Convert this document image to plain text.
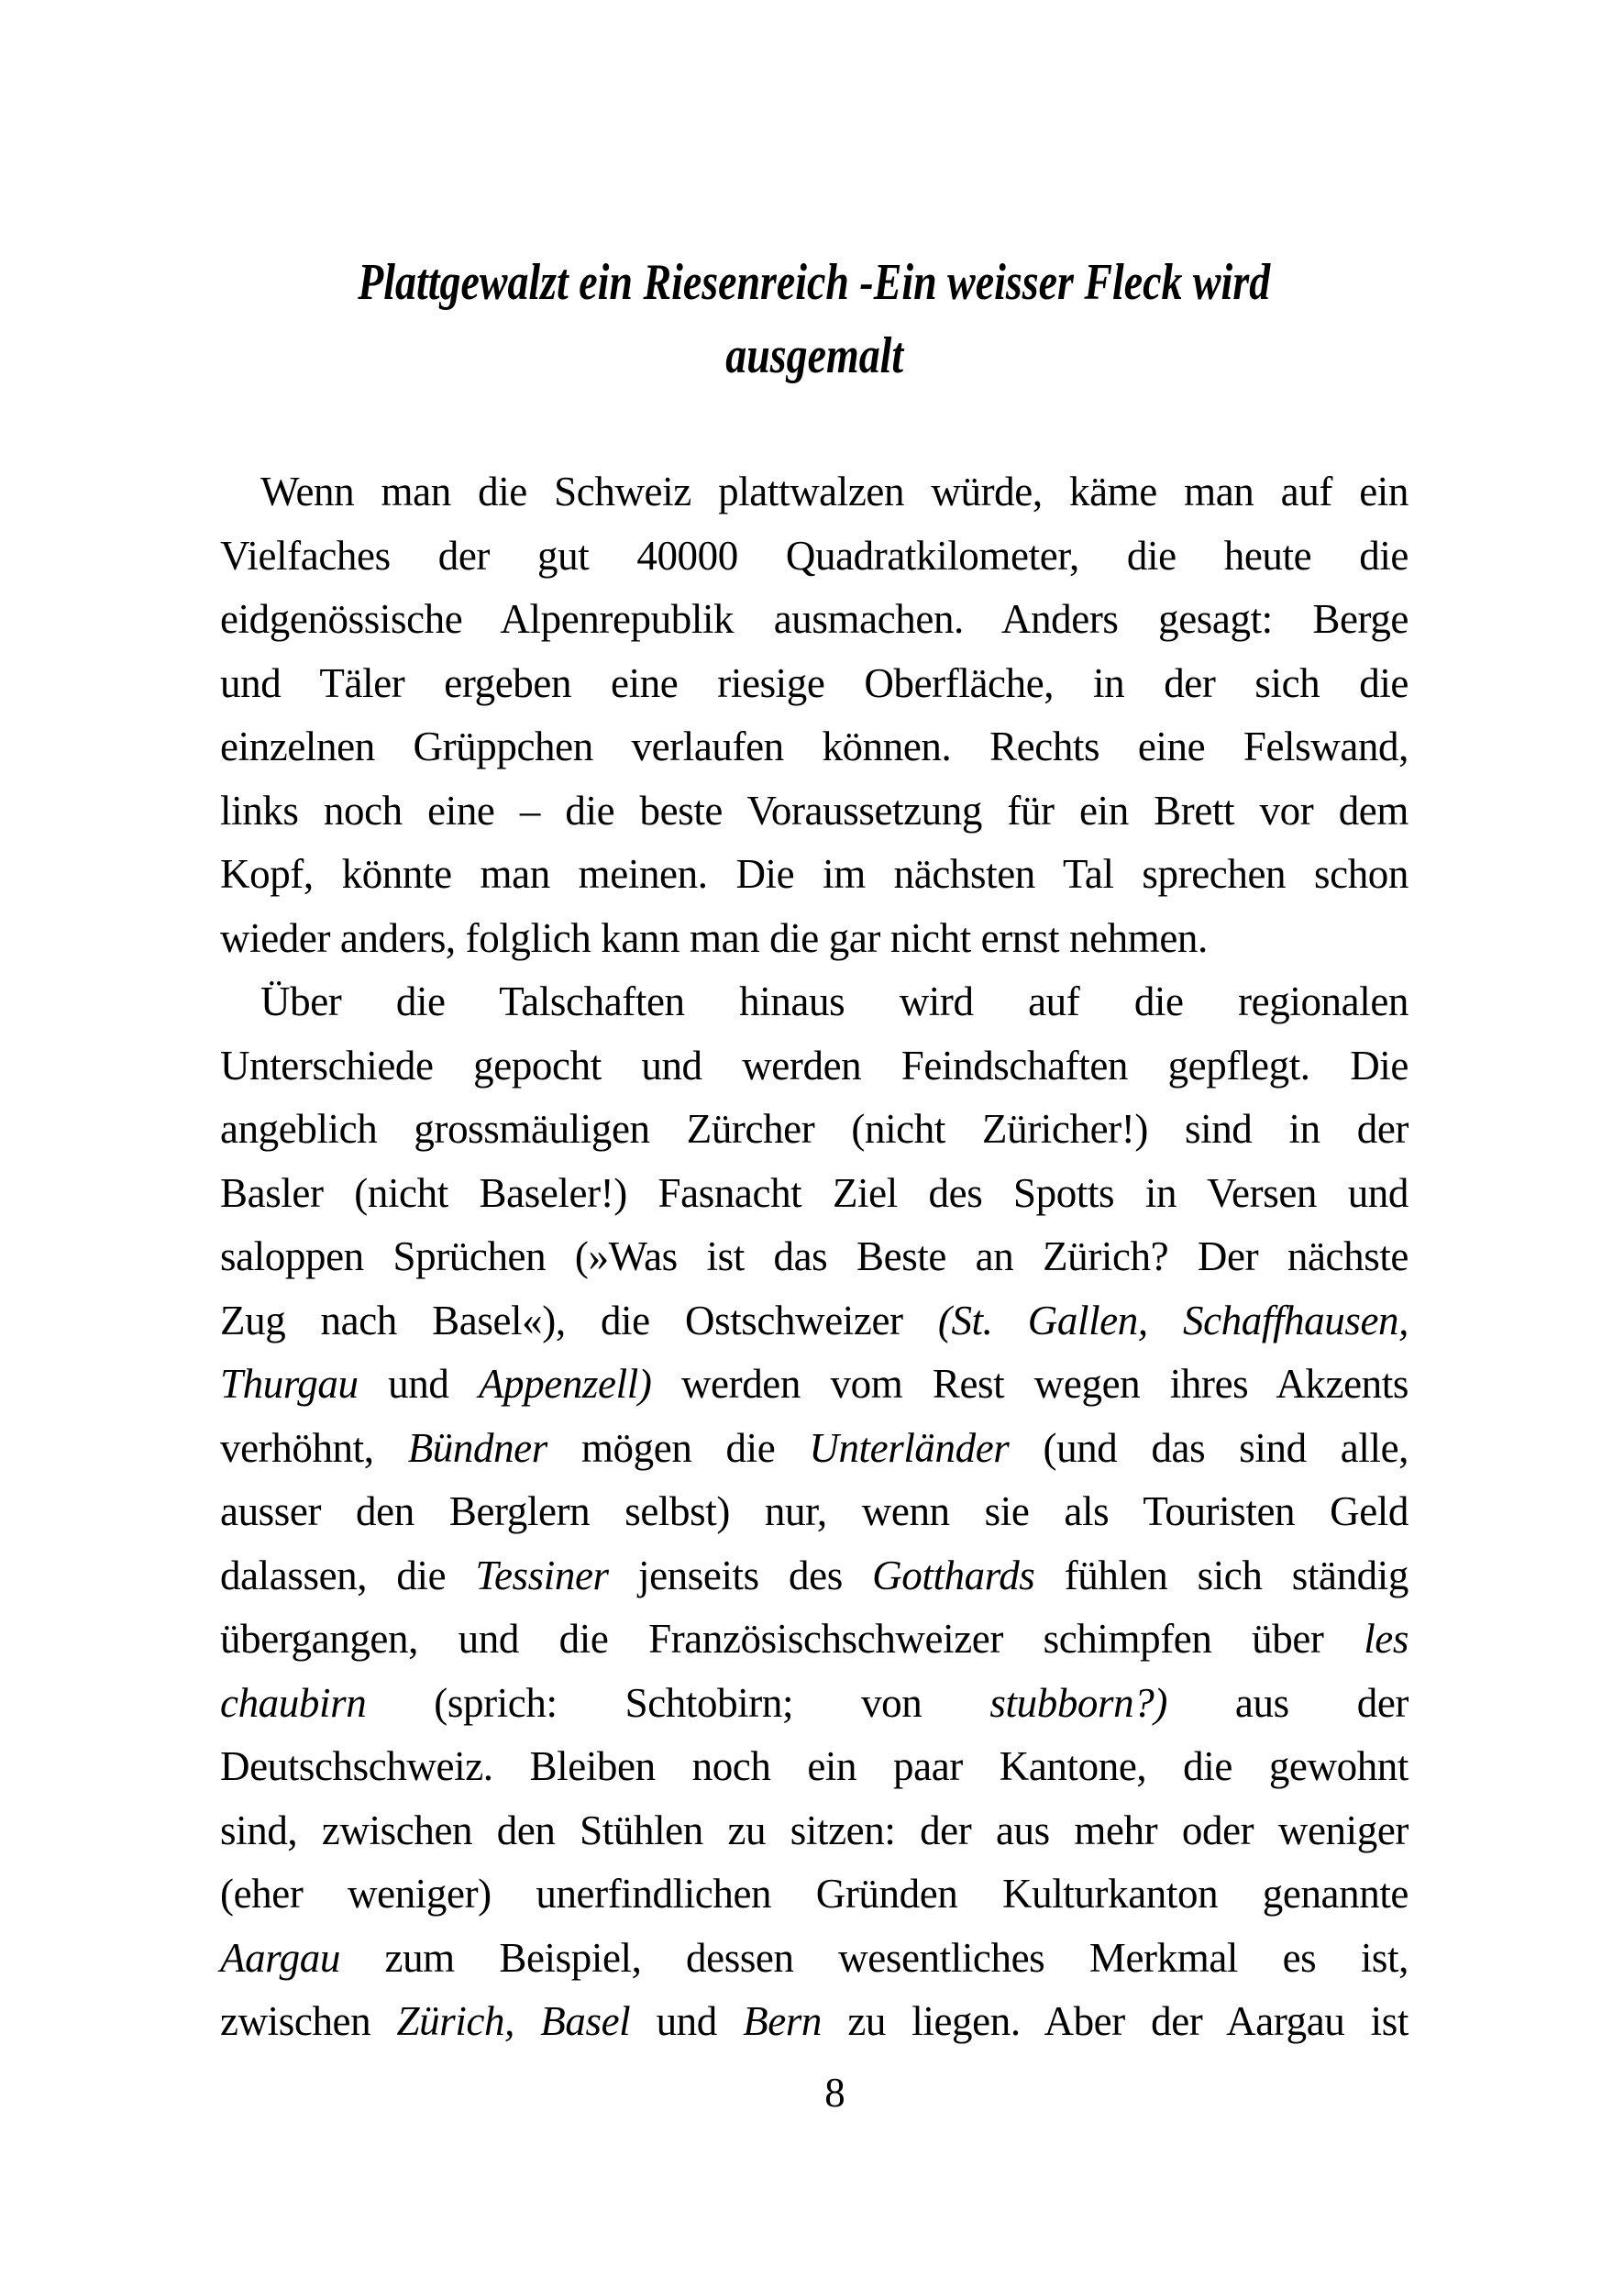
Plattgewalzt ein Riesenreich -Ein weisser Fleck wird
ausgemalt
Wenn man die Schweiz plattwalzen würde, käme man auf ein
Vielfaches der gut 40000 Quadratkilometer, die heute die
eidgenössische Alpenrepublik ausmachen. Anders gesagt: Berge
und Täler ergeben eine riesige Oberfläche, in der sich die
einzelnen Grüppchen verlaufen können. Rechts eine Felswand,
links noch eine – die beste Voraussetzung für ein Brett vor dem
Kopf, könnte man meinen. Die im nächsten Tal sprechen schon
wieder anders, folglich kann man die gar nicht ernst nehmen.
Über die Talschaften hinaus wird auf die regionalen
Unterschiede gepocht und werden Feindschaften gepflegt. Die
angeblich grossmäuligen Zürcher (nicht Züricher!) sind in der
Basler (nicht Baseler!) Fasnacht Ziel des Spotts in Versen und
saloppen Sprüchen (»Was ist das Beste an Zürich? Der nächste
Zug nach Basel«), die Ostschweizer (St. Gallen, Schaffhausen,
Thurgau und Appenzell) werden vom Rest wegen ihres Akzents
verhöhnt, Bündner mögen die Unterländer (und das sind alle,
ausser den Berglern selbst) nur, wenn sie als Touristen Geld
dalassen, die Tessiner jenseits des Gotthards fühlen sich ständig
übergangen, und die Französischschweizer schimpfen über les
chaubirn (sprich: Schtobirn; von stubborn?) aus der
Deutschschweiz. Bleiben noch ein paar Kantone, die gewohnt
sind, zwischen den Stühlen zu sitzen: der aus mehr oder weniger
(eher weniger) unerfindlichen Gründen Kulturkanton genannte
Aargau zum Beispiel, dessen wesentliches Merkmal es ist,
zwischen Zürich, Basel und Bern zu liegen. Aber der Aargau ist
8
